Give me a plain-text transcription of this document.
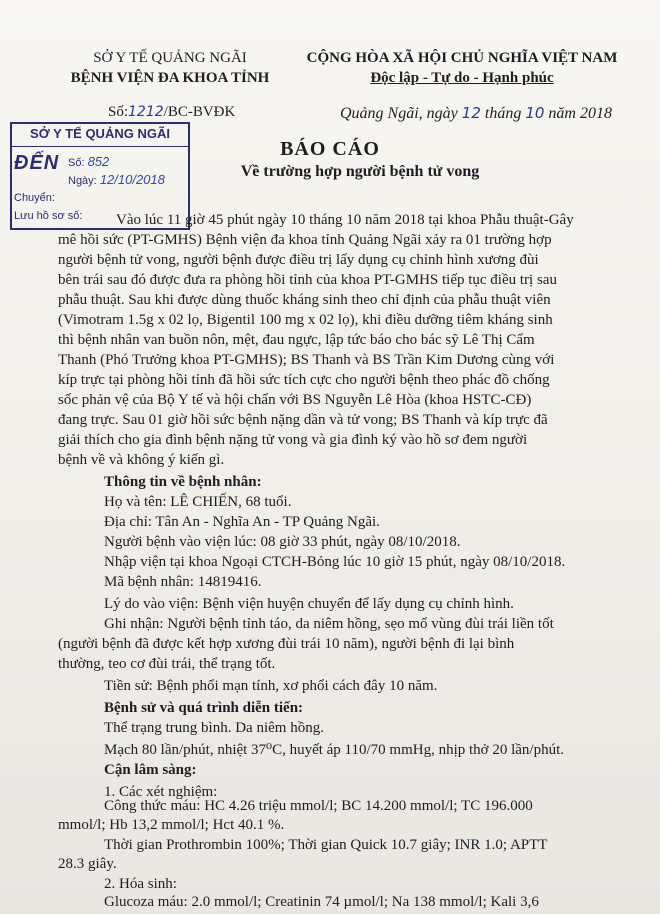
SỞ Y TẾ QUẢNG NGÃI
BỆNH VIỆN ĐA KHOA TỈNH
CỘNG HÒA XÃ HỘI CHỦ NGHĨA VIỆT NAM
Độc lập - Tự do - Hạnh phúc
Số:1212/BC-BVĐK	Quảng Ngãi, ngày 12 tháng 10 năm 2018
BÁO CÁO
Về trường hợp người bệnh tử vong
SỞ Y TẾ QUẢNG NGÃI
ĐẾN Số: 852
Ngày: 12/10/2018
Chuyển:
Lưu hồ sơ số: Vào lúc 11 giờ 45 phút ngày 10 tháng 10 năm 2018 tại khoa Phẫu thuật-Gây
mê hồi sức (PT-GMHS) Bệnh viện đa khoa tỉnh Quảng Ngãi xảy ra 01 trường hợp
người bệnh tử vong, người bệnh được điều trị lấy dụng cụ chỉnh hình xương đùi
bên trái sau đó được đưa ra phòng hồi tỉnh của khoa PT-GMHS tiếp tục điều trị sau
phẫu thuật. Sau khi được dùng thuốc kháng sinh theo chỉ định của phẫu thuật viên
(Vimotram 1.5g x 02 lọ, Bigentil 100 mg x 02 lọ), khi điều dưỡng tiêm kháng sinh
thì bệnh nhân van buồn nôn, mệt, đau ngực, lập tức báo cho bác sỹ Lê Thị Cẩm
Thanh (Phó Trưởng khoa PT-GMHS); BS Thanh và BS Trần Kim Dương cùng với
kíp trực tại phòng hồi tỉnh đã hồi sức tích cực cho người bệnh theo phác đồ chống
sốc phản vệ của Bộ Y tế và hội chẩn với BS Nguyễn Lê Hòa (khoa HSTC-CĐ)
đang trực. Sau 01 giờ hồi sức bệnh nặng dần và tử vong; BS Thanh và kíp trực đã
giải thích cho gia đình bệnh nặng tử vong và gia đình ký vào hồ sơ đem người
bệnh về và không ý kiến gì.
Thông tin về bệnh nhân:
Họ và tên: LÊ CHIẾN, 68 tuổi.
Địa chỉ: Tân An - Nghĩa An - TP Quảng Ngãi.
Người bệnh vào viện lúc: 08 giờ 33 phút, ngày 08/10/2018.
Nhập viện tại khoa Ngoại CTCH-Bỏng lúc 10 giờ 15 phút, ngày 08/10/2018.
Mã bệnh nhân: 14819416.
Lý do vào viện: Bệnh viện huyện chuyển để lấy dụng cụ chỉnh hình.
Ghi nhận: Người bệnh tỉnh táo, da niêm hồng, sẹo mổ vùng đùi trái liền tốt
(người bệnh đã được kết hợp xương đùi trái 10 năm), người bệnh đi lại bình
thường, teo cơ đùi trái, thể trạng tốt.
Tiền sử: Bệnh phổi mạn tính, xơ phổi cách đây 10 năm.
Bệnh sử và quá trình diễn tiến:
Thể trạng trung bình. Da niêm hồng.
Mạch 80 lần/phút, nhiệt 37⁰C, huyết áp 110/70 mmHg, nhịp thở 20 lần/phút.
Cận lâm sàng:
1. Các xét nghiệm:
Công thức máu: HC 4.26 triệu mmol/l; BC 14.200 mmol/l; TC 196.000
mmol/l; Hb 13,2 mmol/l; Hct 40.1 %.
Thời gian Prothrombin 100%; Thời gian Quick 10.7 giây; INR 1.0; APTT
28.3 giây.
2. Hóa sinh:
Glucoza máu: 2.0 mmol/l; Creatinin 74 µmol/l; Na 138 mmol/l; Kali 3,6
